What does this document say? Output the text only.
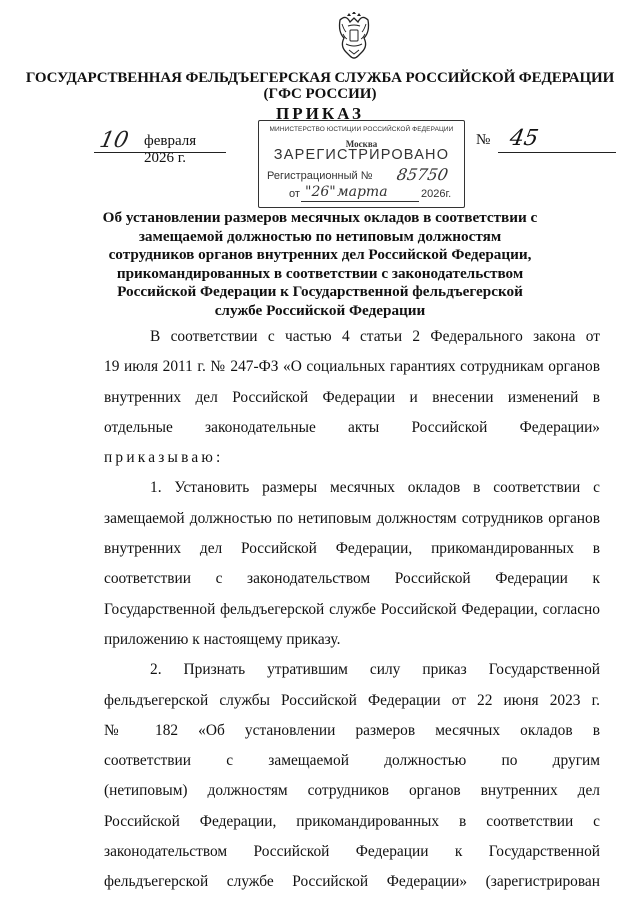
ГОСУДАРСТВЕННАЯ ФЕЛЬДЪЕГЕРСКАЯ СЛУЖБА РОССИЙСКОЙ ФЕДЕРАЦИИ
(ГФС РОССИИ)
ПРИКАЗ
10 февраля 2026 г.
№ 45
МИНИСТЕРСТВО ЮСТИЦИИ РОССИЙСКОЙ ФЕДЕРАЦИИ
Москва
ЗАРЕГИСТРИРОВАНО
Регистрационный № 85750
от "26" марта	2026г.
Об установлении размеров месячных окладов в соответствии с замещаемой должностью по нетиповым должностям сотрудников органов внутренних дел Российской Федерации, прикомандированных в соответствии с законодательством Российской Федерации к Государственной фельдъегерской службе Российской Федерации

В соответствии с частью 4 статьи 2 Федерального закона от

19 июля 2011 г. № 247-ФЗ «О социальных гарантиях сотрудникам органов

внутренних дел Российской Федерации и внесении изменений в

отдельные законодательные акты Российской Федерации»

приказываю:

1. Установить размеры месячных окладов в соответствии с

замещаемой должностью по нетиповым должностям сотрудников органов

внутренних дел Российской Федерации, прикомандированных в

соответствии с законодательством Российской Федерации к

Государственной фельдъегерской службе Российской Федерации, согласно

приложению к настоящему приказу.

2. Признать утратившим силу приказ Государственной

фельдъегерской службы Российской Федерации от 22 июня 2023 г.

№ 182 «Об установлении размеров месячных окладов в

соответствии с замещаемой должностью по другим

(нетиповым) должностям сотрудников органов внутренних дел

Российской Федерации, прикомандированных в соответствии с

законодательством Российской Федерации к Государственной

фельдъегерской службе Российской Федерации» (зарегистрирован
